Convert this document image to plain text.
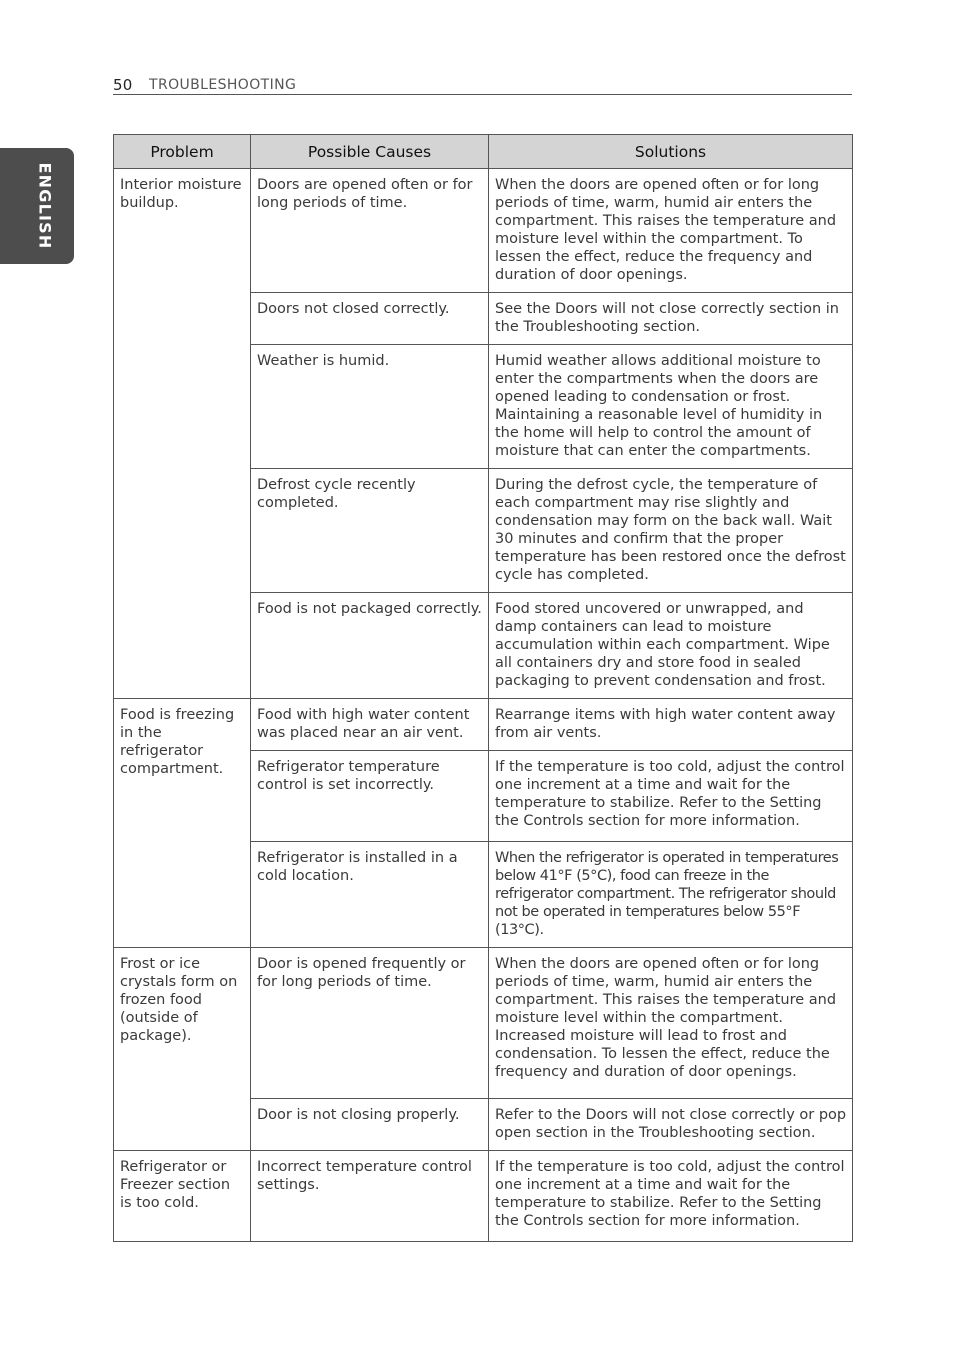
50 TROUBLESHOOTING
ENGLISH
Problem	Possible Causes	Solutions
Interior moisture buildup.	Doors are opened often or for long periods of time.	When the doors are opened often or for long periods of time, warm, humid air enters the compartment. This raises the temperature and moisture level within the compartment. To lessen the effect, reduce the frequency and duration of door openings.
	Doors not closed correctly.	See the Doors will not close correctly section in the Troubleshooting section.
	Weather is humid.	Humid weather allows additional moisture to enter the compartments when the doors are opened leading to condensation or frost. Maintaining a reasonable level of humidity in the home will help to control the amount of moisture that can enter the compartments.
	Defrost cycle recently completed.	During the defrost cycle, the temperature of each compartment may rise slightly and condensation may form on the back wall. Wait 30 minutes and confirm that the proper temperature has been restored once the defrost cycle has completed.
	Food is not packaged correctly.	Food stored uncovered or unwrapped, and damp containers can lead to moisture accumulation within each compartment. Wipe all containers dry and store food in sealed packaging to prevent condensation and frost.
Food is freezing in the refrigerator compartment.	Food with high water content was placed near an air vent.	Rearrange items with high water content away from air vents.
	Refrigerator temperature control is set incorrectly.	If the temperature is too cold, adjust the control one increment at a time and wait for the temperature to stabilize. Refer to the Setting the Controls section for more information.
	Refrigerator is installed in a cold location.	When the refrigerator is operated in temperatures below 41°F (5°C), food can freeze in the refrigerator compartment. The refrigerator should not be operated in temperatures below 55°F (13°C).
Frost or ice crystals form on frozen food (outside of package).	Door is opened frequently or for long periods of time.	When the doors are opened often or for long periods of time, warm, humid air enters the compartment. This raises the temperature and moisture level within the compartment. Increased moisture will lead to frost and condensation. To lessen the effect, reduce the frequency and duration of door openings.
	Door is not closing properly.	Refer to the Doors will not close correctly or pop open section in the Troubleshooting section.
Refrigerator or Freezer section is too cold.	Incorrect temperature control settings.	If the temperature is too cold, adjust the control one increment at a time and wait for the temperature to stabilize. Refer to the Setting the Controls section for more information.
